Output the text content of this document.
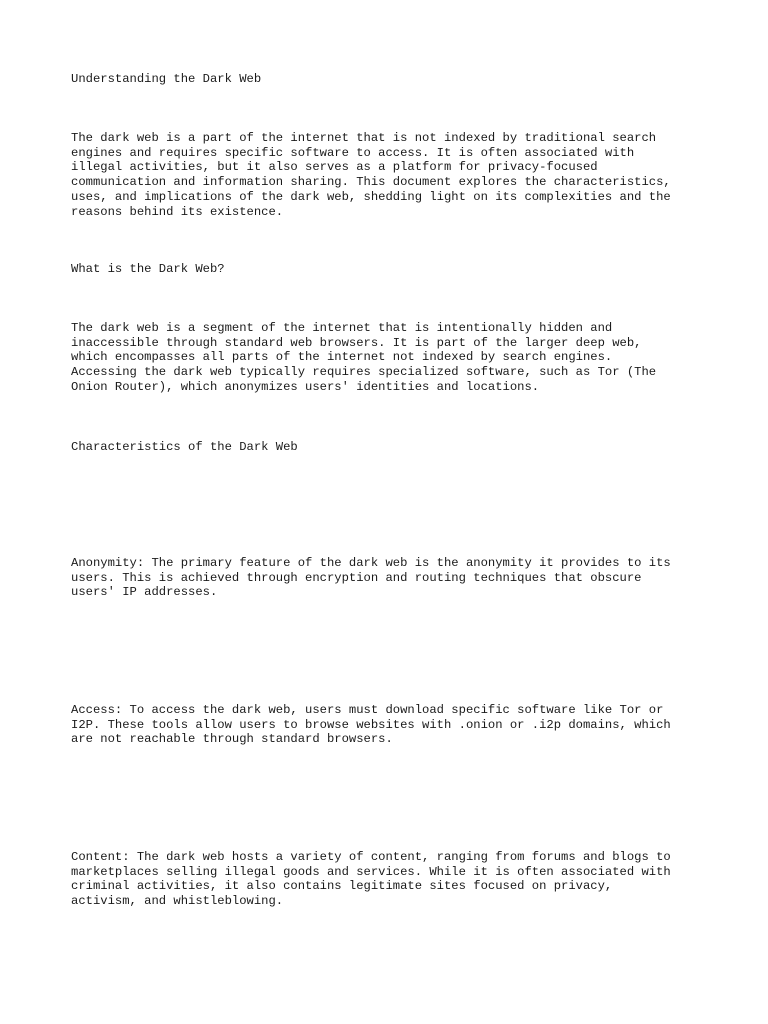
Understanding the Dark Web

The dark web is a part of the internet that is not indexed by traditional search
engines and requires specific software to access. It is often associated with
illegal activities, but it also serves as a platform for privacy-focused
communication and information sharing. This document explores the characteristics,
uses, and implications of the dark web, shedding light on its complexities and the
reasons behind its existence.

What is the Dark Web?

The dark web is a segment of the internet that is intentionally hidden and
inaccessible through standard web browsers. It is part of the larger deep web,
which encompasses all parts of the internet not indexed by search engines.
Accessing the dark web typically requires specialized software, such as Tor (The
Onion Router), which anonymizes users' identities and locations.

Characteristics of the Dark Web

Anonymity: The primary feature of the dark web is the anonymity it provides to its
users. This is achieved through encryption and routing techniques that obscure
users' IP addresses.

Access: To access the dark web, users must download specific software like Tor or
I2P. These tools allow users to browse websites with .onion or .i2p domains, which
are not reachable through standard browsers.

Content: The dark web hosts a variety of content, ranging from forums and blogs to
marketplaces selling illegal goods and services. While it is often associated with
criminal activities, it also contains legitimate sites focused on privacy,
activism, and whistleblowing.
